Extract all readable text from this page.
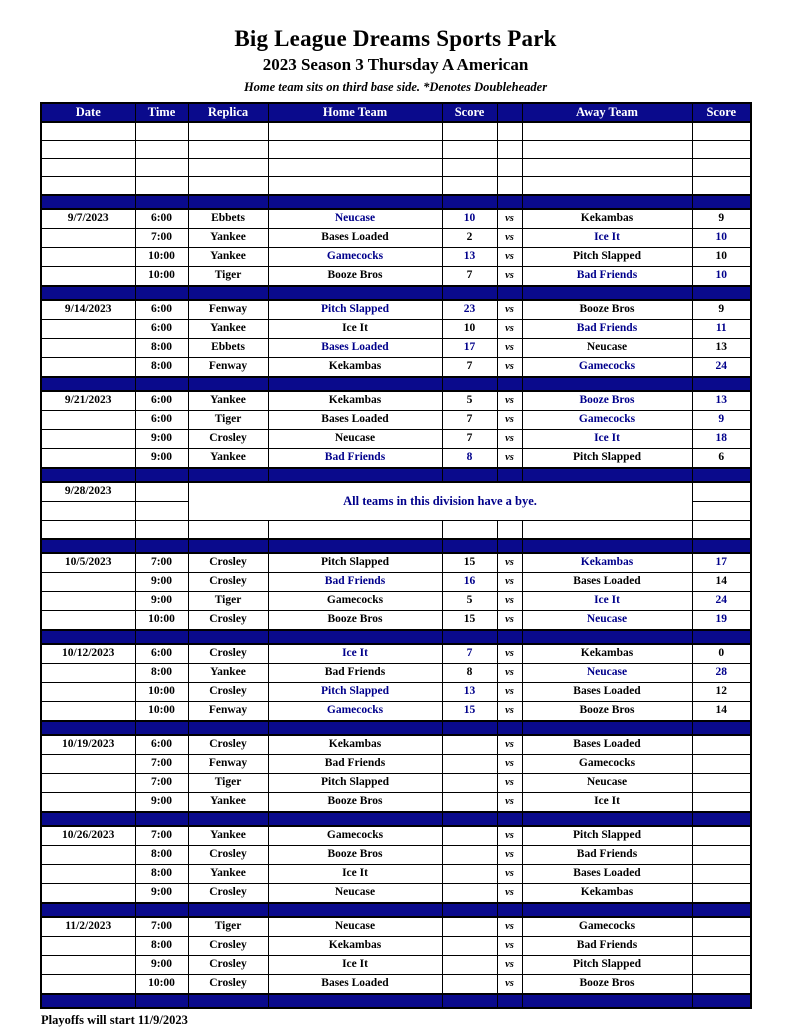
Big League Dreams Sports Park
2023 Season 3 Thursday A American
Home team sits on third base side. *Denotes Doubleheader
Date	Time	Replica	Home Team	Score		Away Team	Score

9/7/2023	6:00	Ebbets	Neucase	10	vs	Kekambas	9
	7:00	Yankee	Bases Loaded	2	vs	Ice It	10
	10:00	Yankee	Gamecocks	13	vs	Pitch Slapped	10
	10:00	Tiger	Booze Bros	7	vs	Bad Friends	10

9/14/2023	6:00	Fenway	Pitch Slapped	23	vs	Booze Bros	9
	6:00	Yankee	Ice It	10	vs	Bad Friends	11
	8:00	Ebbets	Bases Loaded	17	vs	Neucase	13
	8:00	Fenway	Kekambas	7	vs	Gamecocks	24

9/21/2023	6:00	Yankee	Kekambas	5	vs	Booze Bros	13
	6:00	Tiger	Bases Loaded	7	vs	Gamecocks	9
	9:00	Crosley	Neucase	7	vs	Ice It	18
	9:00	Yankee	Bad Friends	8	vs	Pitch Slapped	6

9/28/2023		All teams in this division have a bye.					

10/5/2023	7:00	Crosley	Pitch Slapped	15	vs	Kekambas	17
	9:00	Crosley	Bad Friends	16	vs	Bases Loaded	14
	9:00	Tiger	Gamecocks	5	vs	Ice It	24
	10:00	Crosley	Booze Bros	15	vs	Neucase	19

10/12/2023	6:00	Crosley	Ice It	7	vs	Kekambas	0
	8:00	Yankee	Bad Friends	8	vs	Neucase	28
	10:00	Crosley	Pitch Slapped	13	vs	Bases Loaded	12
	10:00	Fenway	Gamecocks	15	vs	Booze Bros	14

10/19/2023	6:00	Crosley	Kekambas		vs	Bases Loaded	
	7:00	Fenway	Bad Friends		vs	Gamecocks	
	7:00	Tiger	Pitch Slapped		vs	Neucase	
	9:00	Yankee	Booze Bros		vs	Ice It	

10/26/2023	7:00	Yankee	Gamecocks		vs	Pitch Slapped	
	8:00	Crosley	Booze Bros		vs	Bad Friends	
	8:00	Yankee	Ice It		vs	Bases Loaded	
	9:00	Crosley	Neucase		vs	Kekambas	

11/2/2023	7:00	Tiger	Neucase		vs	Gamecocks	
	8:00	Crosley	Kekambas		vs	Bad Friends	
	9:00	Crosley	Ice It		vs	Pitch Slapped	
	10:00	Crosley	Bases Loaded		vs	Booze Bros	

Playoffs will start 11/9/2023
